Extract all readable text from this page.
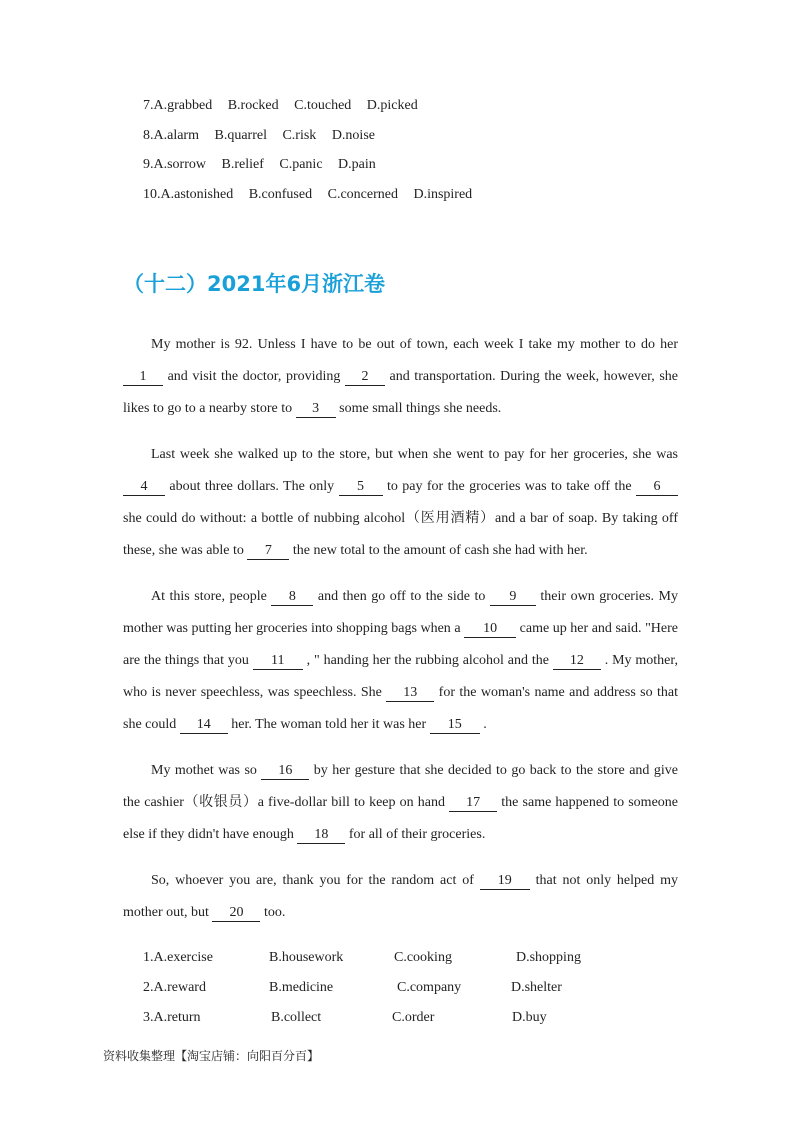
7.A.grabbed B.rocked C.touched D.picked
8.A.alarm B.quarrel C.risk D.noise
9.A.sorrow B.relief C.panic D.pain
10.A.astonished B.confused C.concerned D.inspired
（十二）2021年6月浙江卷

My mother is 92. Unless I have to be out of town, each week I take my mother to do her 1 and visit the doctor, providing 2 and transportation. During the week, however, she likes to go to a nearby store to 3 some small things she needs.

Last week she walked up to the store, but when she went to pay for her groceries, she was 4 about three dollars. The only 5 to pay for the groceries was to take off the 6 she could do without: a bottle of nubbing alcohol（医用酒精）and a bar of soap. By taking off these, she was able to 7 the new total to the amount of cash she had with her.

At this store, people 8 and then go off to the side to 9 their own groceries. My mother was putting her groceries into shopping bags when a 10 came up her and said. "Here are the things that you 11 , " handing her the rubbing alcohol and the 12 . My mother, who is never speechless, was speechless. She 13 for the woman's name and address so that she could 14 her. The woman told her it was her 15 .

My mothet was so 16 by her gesture that she decided to go back to the store and give the cashier（收银员）a five-dollar bill to keep on hand 17 the same happened to someone else if they didn't have enough 18 for all of their groceries.

So, whoever you are, thank you for the random act of 19 that not only helped my mother out, but 20 too.

1.A.exercise	B.housework	C.cooking	D.shopping
2.A.reward	B.medicine	C.company	D.shelter
3.A.return	B.collect	C.order	D.buy
资料收集整理【淘宝店铺：向阳百分百】
